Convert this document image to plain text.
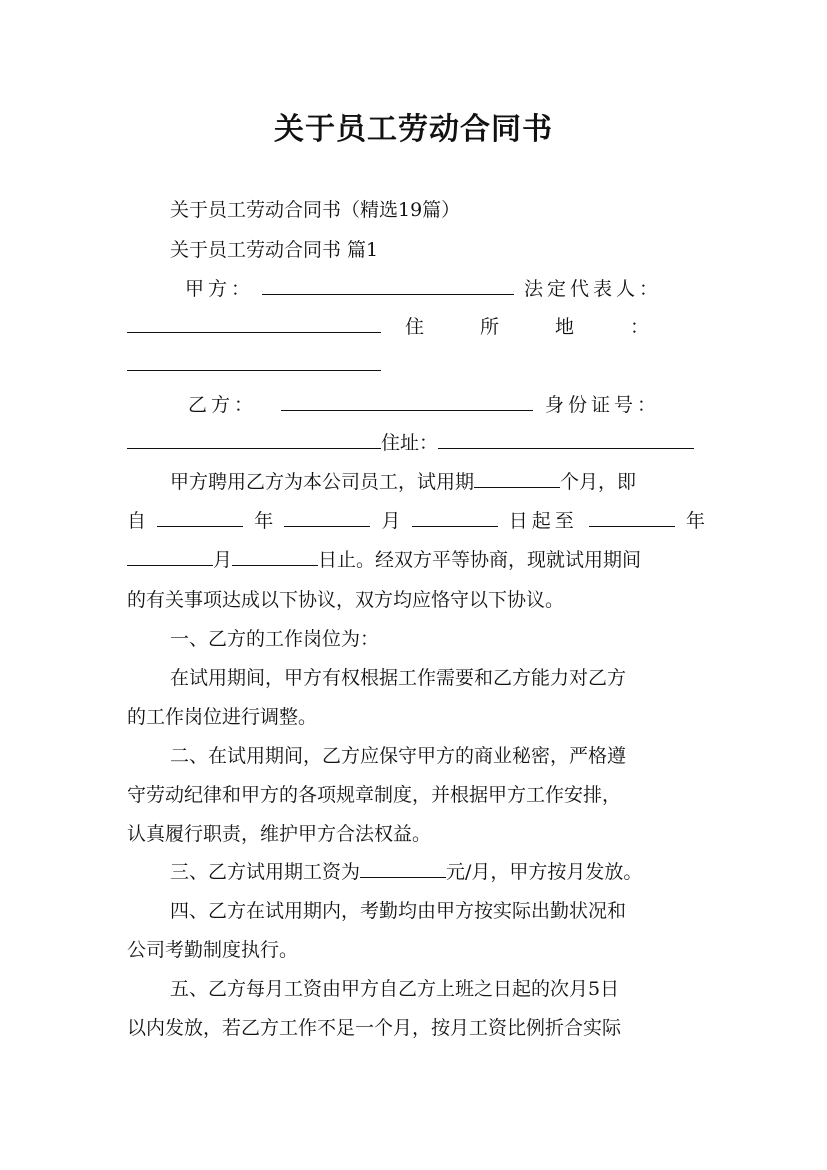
关于员工劳动合同书
关于员工劳动合同书（精选19篇）
关于员工劳动合同书 篇1
甲方：	法定代表人：
住所地：
乙方：	身份证号：
住址：
甲方聘用乙方为本公司员工，试用期	个月，即
自	年	月	日起至	年
月	日止。经双方平等协商，现就试用期间
的有关事项达成以下协议，双方均应恪守以下协议。
一、乙方的工作岗位为：
在试用期间，甲方有权根据工作需要和乙方能力对乙方
的工作岗位进行调整。
二、在试用期间，乙方应保守甲方的商业秘密，严格遵
守劳动纪律和甲方的各项规章制度，并根据甲方工作安排，
认真履行职责，维护甲方合法权益。
三、乙方试用期工资为	元/月，甲方按月发放。
四、乙方在试用期内，考勤均由甲方按实际出勤状况和
公司考勤制度执行。
五、乙方每月工资由甲方自乙方上班之日起的次月5日
以内发放，若乙方工作不足一个月，按月工资比例折合实际
